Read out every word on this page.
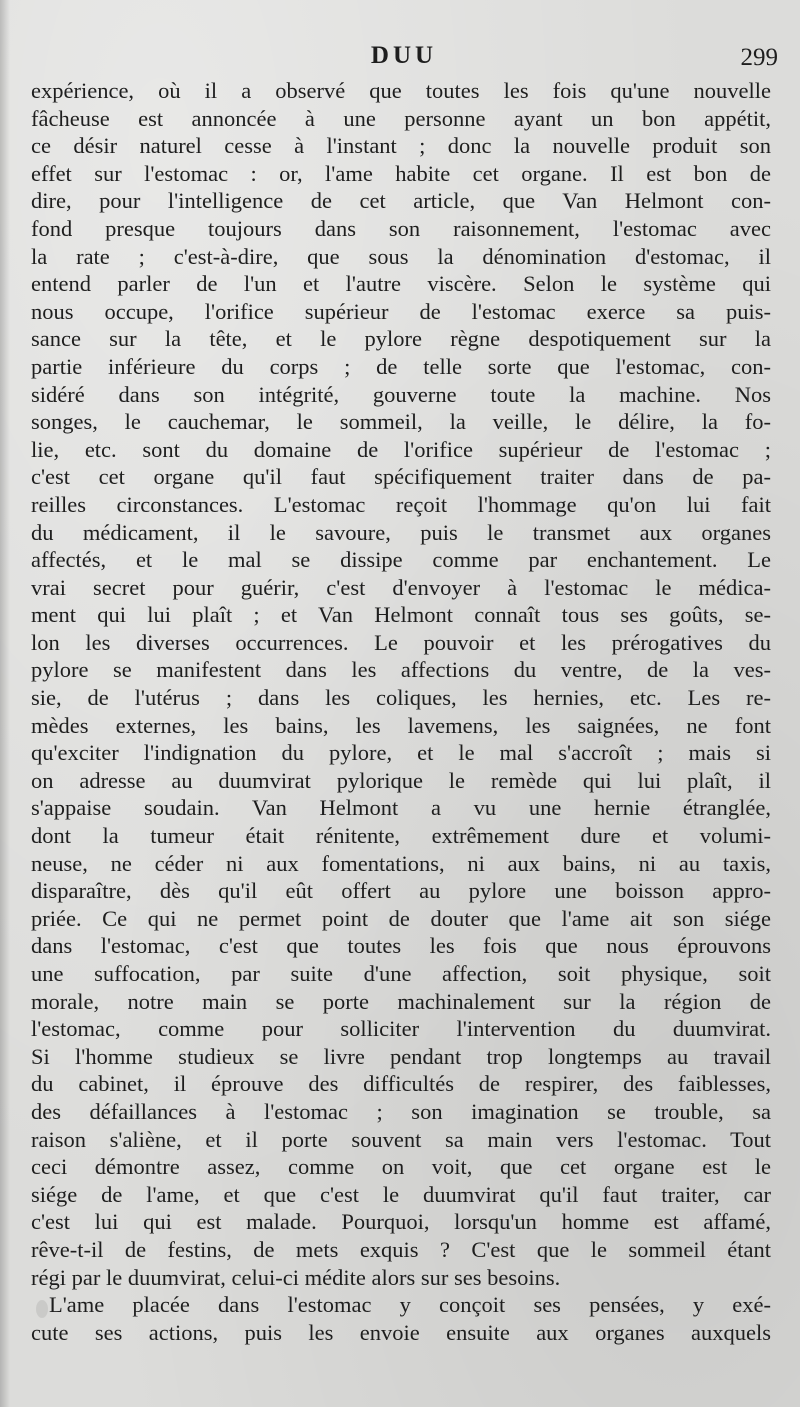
DUU	299
expérience, où il a observé que toutes les fois qu'une nouvelle
fâcheuse est annoncée à une personne ayant un bon appétit,
ce désir naturel cesse à l'instant ; donc la nouvelle produit son
effet sur l'estomac : or, l'ame habite cet organe. Il est bon de
dire, pour l'intelligence de cet article, que Van Helmont con-
fond presque toujours dans son raisonnement, l'estomac avec
la rate ; c'est-à-dire, que sous la dénomination d'estomac, il
entend parler de l'un et l'autre viscère. Selon le système qui
nous occupe, l'orifice supérieur de l'estomac exerce sa puis-
sance sur la tête, et le pylore règne despotiquement sur la
partie inférieure du corps ; de telle sorte que l'estomac, con-
sidéré dans son intégrité, gouverne toute la machine. Nos
songes, le cauchemar, le sommeil, la veille, le délire, la fo-
lie, etc. sont du domaine de l'orifice supérieur de l'estomac ;
c'est cet organe qu'il faut spécifiquement traiter dans de pa-
reilles circonstances. L'estomac reçoit l'hommage qu'on lui fait
du médicament, il le savoure, puis le transmet aux organes
affectés, et le mal se dissipe comme par enchantement. Le
vrai secret pour guérir, c'est d'envoyer à l'estomac le médica-
ment qui lui plaît ; et Van Helmont connaît tous ses goûts, se-
lon les diverses occurrences. Le pouvoir et les prérogatives du
pylore se manifestent dans les affections du ventre, de la ves-
sie, de l'utérus ; dans les coliques, les hernies, etc. Les re-
mèdes externes, les bains, les lavemens, les saignées, ne font
qu'exciter l'indignation du pylore, et le mal s'accroît ; mais si
on adresse au duumvirat pylorique le remède qui lui plaît, il
s'appaise soudain. Van Helmont a vu une hernie étranglée,
dont la tumeur était rénitente, extrêmement dure et volumi-
neuse, ne céder ni aux fomentations, ni aux bains, ni au taxis,
disparaître, dès qu'il eût offert au pylore une boisson appro-
priée. Ce qui ne permet point de douter que l'ame ait son siége
dans l'estomac, c'est que toutes les fois que nous éprouvons
une suffocation, par suite d'une affection, soit physique, soit
morale, notre main se porte machinalement sur la région de
l'estomac, comme pour solliciter l'intervention du duumvirat.
Si l'homme studieux se livre pendant trop longtemps au travail
du cabinet, il éprouve des difficultés de respirer, des faiblesses,
des défaillances à l'estomac ; son imagination se trouble, sa
raison s'aliène, et il porte souvent sa main vers l'estomac. Tout
ceci démontre assez, comme on voit, que cet organe est le
siége de l'ame, et que c'est le duumvirat qu'il faut traiter, car
c'est lui qui est malade. Pourquoi, lorsqu'un homme est affamé,
rêve-t-il de festins, de mets exquis ? C'est que le sommeil étant
régi par le duumvirat, celui-ci médite alors sur ses besoins.
L'ame placée dans l'estomac y conçoit ses pensées, y exé-
cute ses actions, puis les envoie ensuite aux organes auxquels
